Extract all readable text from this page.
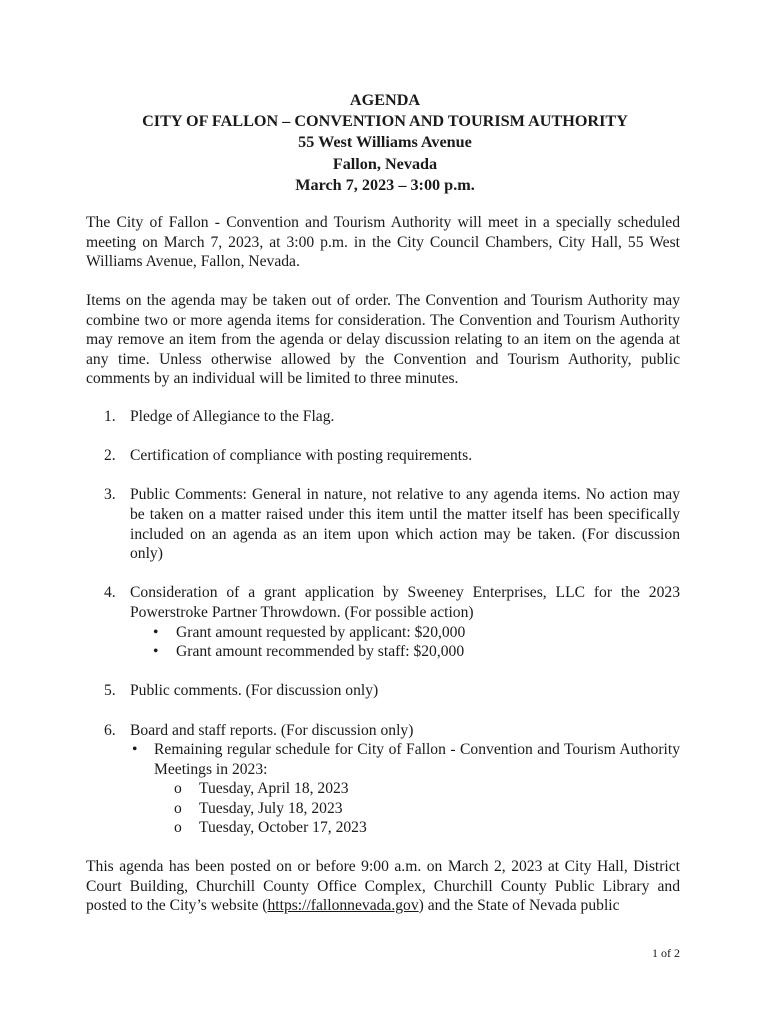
AGENDA
CITY OF FALLON – CONVENTION AND TOURISM AUTHORITY
55 West Williams Avenue
Fallon, Nevada
March 7, 2023 – 3:00 p.m.

The City of Fallon - Convention and Tourism Authority will meet in a specially scheduled meeting on March 7, 2023, at 3:00 p.m. in the City Council Chambers, City Hall, 55 West Williams Avenue, Fallon, Nevada.

Items on the agenda may be taken out of order. The Convention and Tourism Authority may combine two or more agenda items for consideration. The Convention and Tourism Authority may remove an item from the agenda or delay discussion relating to an item on the agenda at any time. Unless otherwise allowed by the Convention and Tourism Authority, public comments by an individual will be limited to three minutes.

1. Pledge of Allegiance to the Flag.
2. Certification of compliance with posting requirements.
3. Public Comments: General in nature, not relative to any agenda items. No action may be taken on a matter raised under this item until the matter itself has been specifically included on an agenda as an item upon which action may be taken. (For discussion only)
4. Consideration of a grant application by Sweeney Enterprises, LLC for the 2023 Powerstroke Partner Throwdown. (For possible action)
• Grant amount requested by applicant: $20,000
• Grant amount recommended by staff: $20,000
5. Public comments. (For discussion only)
6. Board and staff reports. (For discussion only)
• Remaining regular schedule for City of Fallon - Convention and Tourism Authority Meetings in 2023:
o Tuesday, April 18, 2023
o Tuesday, July 18, 2023
o Tuesday, October 17, 2023

This agenda has been posted on or before 9:00 a.m. on March 2, 2023 at City Hall, District Court Building, Churchill County Office Complex, Churchill County Public Library and posted to the City’s website (https://fallonnevada.gov) and the State of Nevada public

1 of 2
